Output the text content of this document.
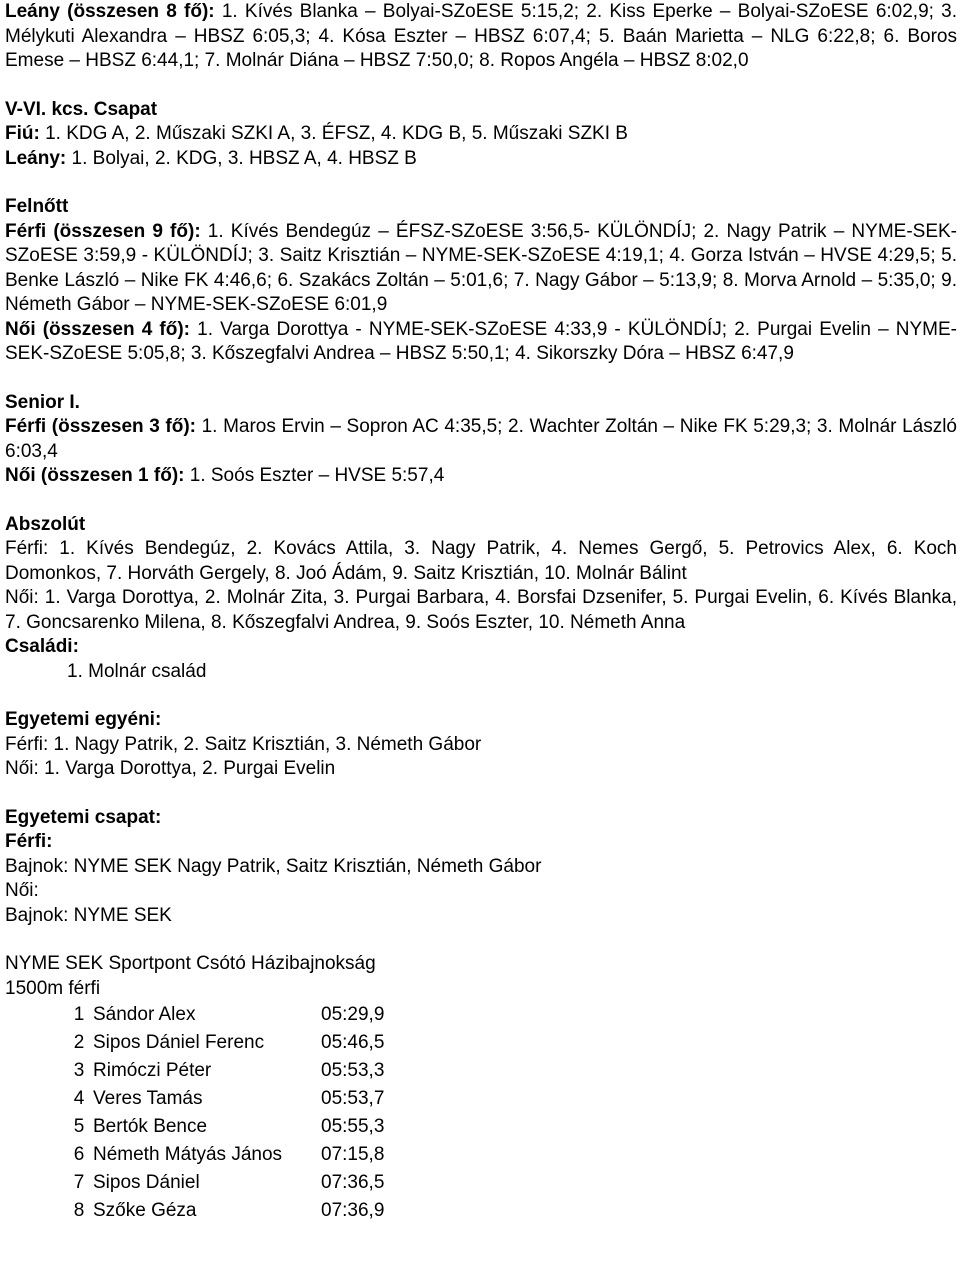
Leány (összesen 8 fő): 1. Kívés Blanka – Bolyai-SZoESE 5:15,2; 2. Kiss Eperke – Bolyai-SZoESE 6:02,9; 3. Mélykuti Alexandra – HBSZ 6:05,3; 4. Kósa Eszter – HBSZ 6:07,4; 5. Baán Marietta – NLG 6:22,8; 6. Boros Emese – HBSZ 6:44,1; 7. Molnár Diána – HBSZ 7:50,0; 8. Ropos Angéla – HBSZ 8:02,0

V-VI. kcs. Csapat

Fiú: 1. KDG A, 2. Műszaki SZKI A, 3. ÉFSZ, 4. KDG B, 5. Műszaki SZKI B

Leány: 1. Bolyai, 2. KDG, 3. HBSZ A, 4. HBSZ B

Felnőtt

Férfi (összesen 9 fő): 1. Kívés Bendegúz – ÉFSZ-SZoESE 3:56,5- KÜLÖNDÍJ; 2. Nagy Patrik – NYME-SEK-SZoESE 3:59,9 - KÜLÖNDÍJ; 3. Saitz Krisztián – NYME-SEK-SZoESE 4:19,1; 4. Gorza István – HVSE 4:29,5; 5. Benke László – Nike FK 4:46,6; 6. Szakács Zoltán – 5:01,6; 7. Nagy Gábor – 5:13,9; 8. Morva Arnold – 5:35,0; 9. Németh Gábor – NYME-SEK-SZoESE 6:01,9

Női (összesen 4 fő): 1. Varga Dorottya - NYME-SEK-SZoESE 4:33,9 - KÜLÖNDÍJ; 2. Purgai Evelin – NYME-SEK-SZoESE 5:05,8; 3. Kőszegfalvi Andrea – HBSZ 5:50,1; 4. Sikorszky Dóra – HBSZ 6:47,9

Senior I.

Férfi (összesen 3 fő): 1. Maros Ervin – Sopron AC 4:35,5; 2. Wachter Zoltán – Nike FK 5:29,3; 3. Molnár László 6:03,4

Női (összesen 1 fő): 1. Soós Eszter – HVSE 5:57,4

Abszolút

Férfi: 1. Kívés Bendegúz, 2. Kovács Attila, 3. Nagy Patrik, 4. Nemes Gergő, 5. Petrovics Alex, 6. Koch Domonkos, 7. Horváth Gergely, 8. Joó Ádám, 9. Saitz Krisztián, 10. Molnár Bálint

Női: 1. Varga Dorottya, 2. Molnár Zita, 3. Purgai Barbara, 4. Borsfai Dzsenifer, 5. Purgai Evelin, 6. Kívés Blanka, 7. Goncsarenko Milena, 8. Kőszegfalvi Andrea, 9. Soós Eszter, 10. Németh Anna

Családi:

1. Molnár család

Egyetemi egyéni:

Férfi: 1. Nagy Patrik, 2. Saitz Krisztián, 3. Németh Gábor

Női: 1. Varga Dorottya, 2. Purgai Evelin

Egyetemi csapat:

Férfi:

Bajnok: NYME SEK Nagy Patrik, Saitz Krisztián, Németh Gábor

Női:

Bajnok: NYME SEK

NYME SEK Sportpont Csótó Házibajnokság

1500m férfi

1	Sándor Alex	05:29,9
2	Sipos Dániel Ferenc	05:46,5
3	Rimóczi Péter	05:53,3
4	Veres Tamás	05:53,7
5	Bertók Bence	05:55,3
6	Németh Mátyás János	07:15,8
7	Sipos Dániel	07:36,5
8	Szőke Géza	07:36,9
